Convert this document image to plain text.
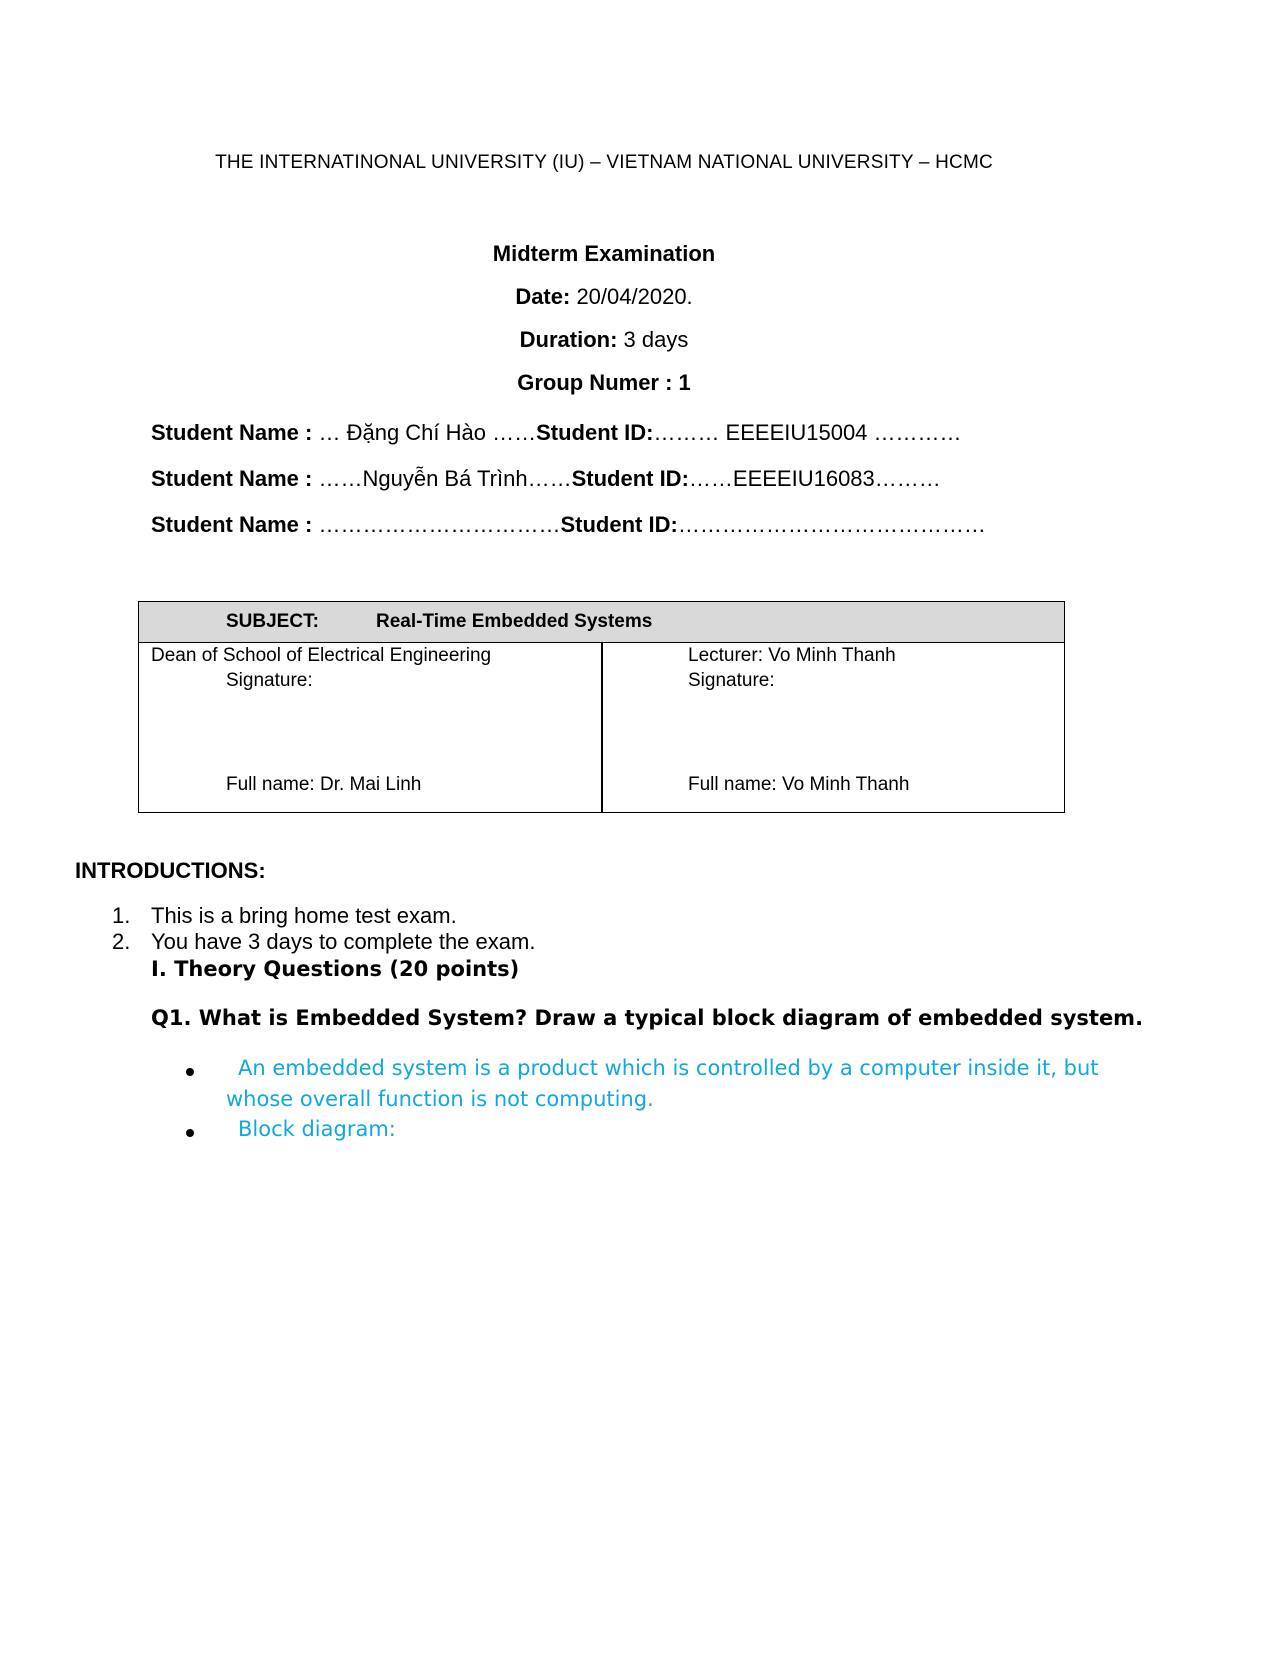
THE INTERNATINONAL UNIVERSITY (IU) – VIETNAM NATIONAL UNIVERSITY – HCMC
Midterm Examination
Date: 20/04/2020.
Duration: 3 days
Group Numer : 1
Student Name : … Đặng Chí Hào ……Student ID:……… EEEEIU15004 …………
Student Name : ……Nguyễn Bá Trình……Student ID:……EEEEIU16083………
Student Name : ……………………………Student ID:……………………………………
SUBJECT:	Real-Time Embedded Systems
Dean of School of Electrical Engineering
Signature:
Full name: Dr. Mai Linh
Lecturer: Vo Minh Thanh
Signature:
Full name: Vo Minh Thanh
INTRODUCTIONS:
1. This is a bring home test exam.
2. You have 3 days to complete the exam.
I. Theory Questions (20 points)
Q1. What is Embedded System? Draw a typical block diagram of embedded system.
An embedded system is a product which is controlled by a computer inside it, but
whose overall function is not computing.
Block diagram:
